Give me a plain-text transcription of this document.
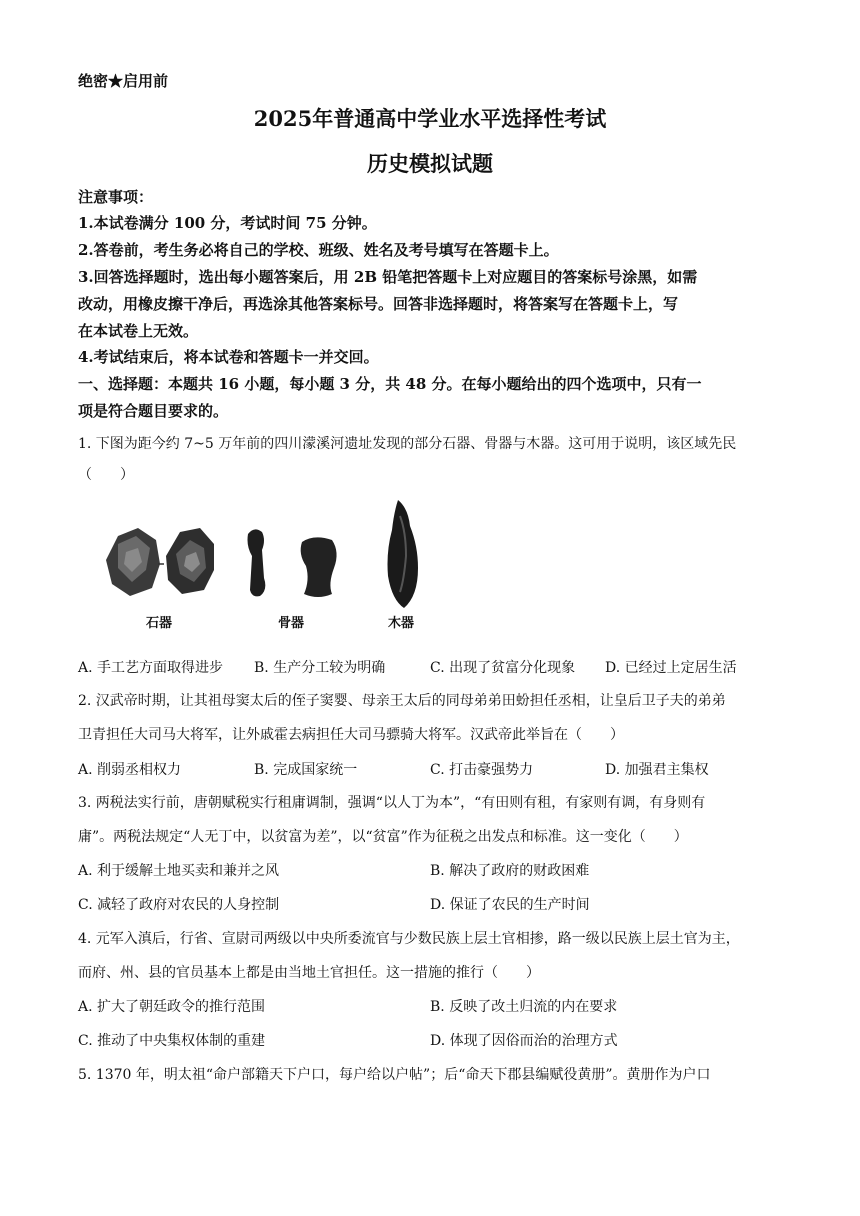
绝密★启用前
2025年普通高中学业水平选择性考试
历史模拟试题
注意事项：
1.本试卷满分 100 分，考试时间 75 分钟。
2.答卷前，考生务必将自己的学校、班级、姓名及考号填写在答题卡上。
3.回答选择题时，选出每小题答案后，用 2B 铅笔把答题卡上对应题目的答案标号涂黑，如需
改动，用橡皮擦干净后，再选涂其他答案标号。回答非选择题时，将答案写在答题卡上，写
在本试卷上无效。
4.考试结束后，将本试卷和答题卡一并交回。
一、选择题：本题共 16 小题，每小题 3 分，共 48 分。在每小题给出的四个选项中，只有一
项是符合题目要求的。
1. 下图为距今约 7~5 万年前的四川濛溪河遗址发现的部分石器、骨器与木器。这可用于说明，该区域先民
（　　）
石器	骨器	木器
A. 手工艺方面取得进步 B. 生产分工较为明确	C. 出现了贫富分化现象 D. 已经过上定居生活
2. 汉武帝时期，让其祖母窦太后的侄子窦婴、母亲王太后的同母弟弟田蚡担任丞相，让皇后卫子夫的弟弟
卫青担任大司马大将军，让外戚霍去病担任大司马骠骑大将军。汉武帝此举旨在（　　）
A. 削弱丞相权力	B. 完成国家统一	C. 打击豪强势力	D. 加强君主集权
3. 两税法实行前，唐朝赋税实行租庸调制，强调“以人丁为本”，“有田则有租，有家则有调，有身则有
庸”。两税法规定“人无丁中，以贫富为差”，以“贫富”作为征税之出发点和标准。这一变化（　　）
A. 利于缓解土地买卖和兼并之风	B. 解决了政府的财政困难
C. 减轻了政府对农民的人身控制	D. 保证了农民的生产时间
4. 元军入滇后，行省、宣尉司两级以中央所委流官与少数民族上层土官相掺，路一级以民族上层土官为主，
而府、州、县的官员基本上都是由当地土官担任。这一措施的推行（　　）
A. 扩大了朝廷政令的推行范围	B. 反映了改土归流的内在要求
C. 推动了中央集权体制的重建	D. 体现了因俗而治的治理方式
5. 1370 年，明太祖“命户部籍天下户口，每户给以户帖”；后“命天下郡县编赋役黄册”。黄册作为户口
